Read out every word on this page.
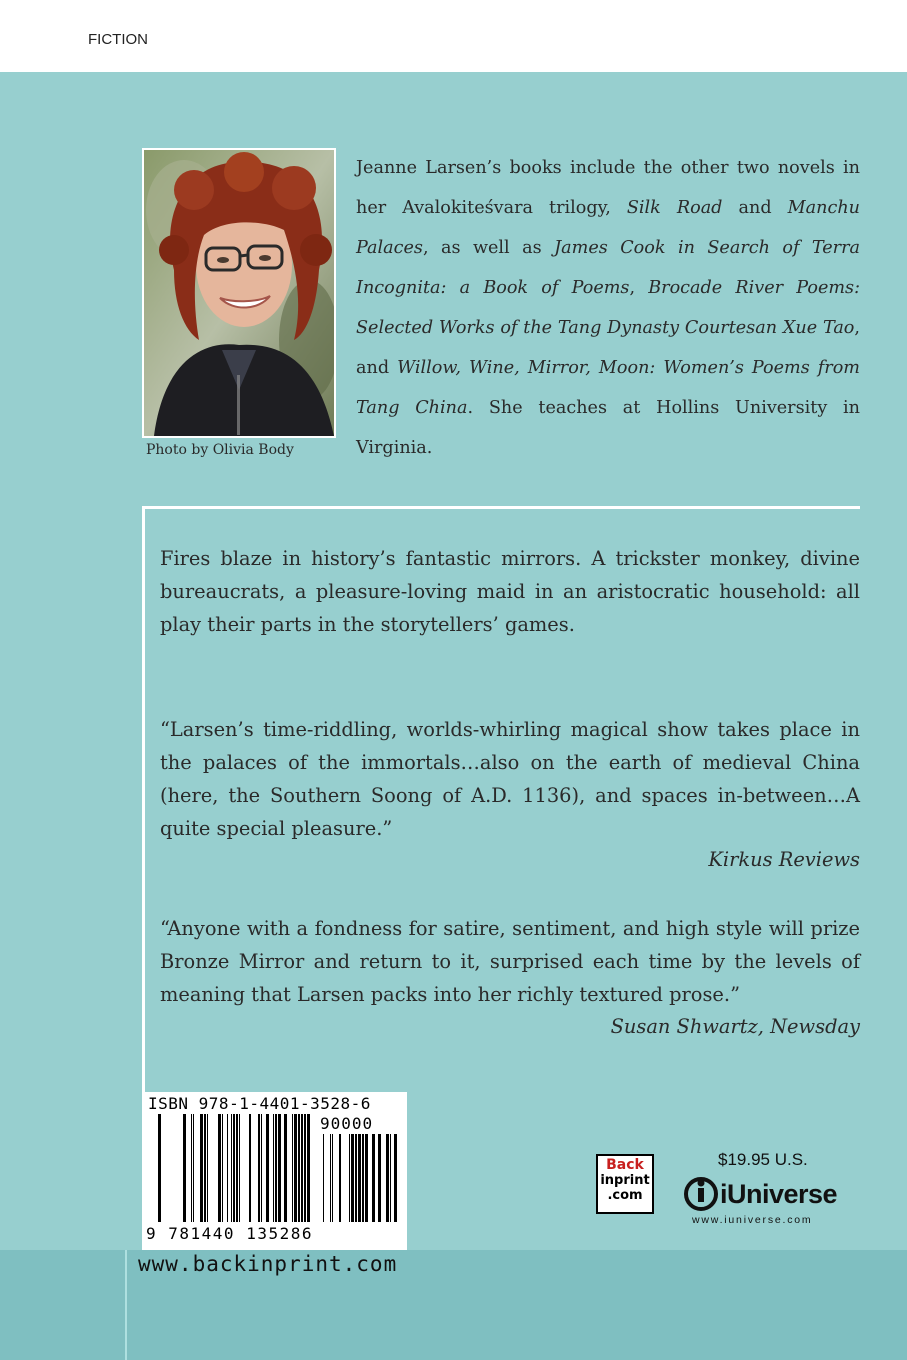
FICTION
Photo by Olivia Body

Jeanne Larsen’s books include the other two novels in her Avalokiteśvara trilogy, Silk Road and Manchu Palaces, as well as James Cook in Search of Terra Incognita: a Book of Poems, Brocade River Poems: Selected Works of the Tang Dynasty Courtesan Xue Tao, and Willow, Wine, Mirror, Moon: Women’s Poems from Tang China. She teaches at Hollins University in Virginia.

Fires blaze in history’s fantastic mirrors. A trickster monkey, divine bureaucrats, a pleasure-loving maid in an aristocratic household: all play their parts in the storytellers’ games.

“Larsen’s time-riddling, worlds-whirling magical show takes place in the palaces of the immortals…also on the earth of medieval China (here, the Southern Soong of A.D. 1136), and spaces in-between…A quite special pleasure.”

Kirkus Reviews

“Anyone with a fondness for satire, sentiment, and high style will prize Bronze Mirror and return to it, surprised each time by the levels of meaning that Larsen packs into her richly textured prose.”

Susan Shwartz, Newsday
www.backinprint.com
ISBN 978-1-4401-3528-6
90000
9 781440 135286
Back
inprint
.com
$19.95 U.S.
iUniverse
www.iuniverse.com
